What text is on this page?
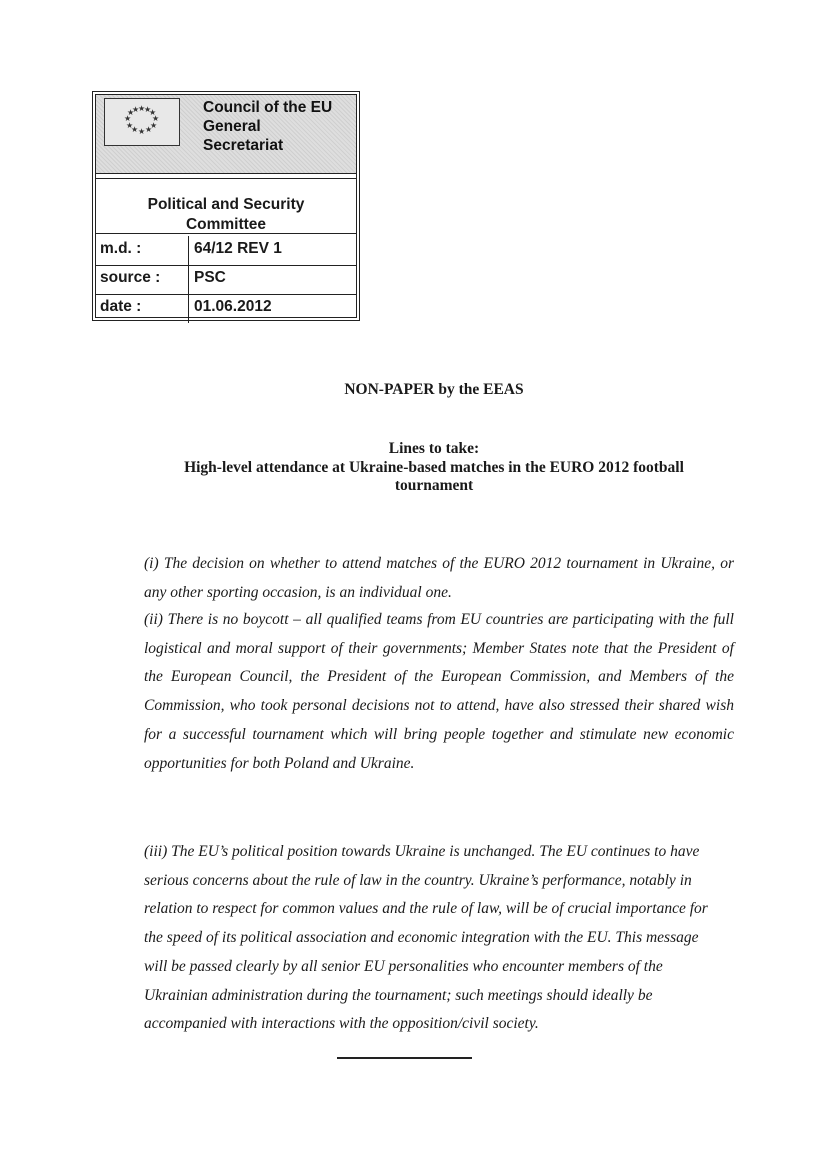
★
★
★
★
★
★
★
★
★
★
★
★	Council of the EU
General
Secretariat
Political and Security
Committee
m.d. :	64/12 REV 1
source : PSC
date :	01.06.2012
NON-PAPER by the EEAS
Lines to take:
High-level attendance at Ukraine-based matches in the EURO 2012 football
tournament
(i) The decision on whether to attend matches of the EURO 2012 tournament in Ukraine, or any other sporting occasion, is an individual one.
(ii) There is no boycott – all qualified teams from EU countries are participating with the full logistical and moral support of their governments; Member States note that the President of the European Council, the President of the European Commission, and Members of the Commission, who took personal decisions not to attend, have also stressed their shared wish for a successful tournament which will bring people together and stimulate new economic opportunities for both Poland and Ukraine.
(iii) The EU’s political position towards Ukraine is unchanged. The EU continues to have serious concerns about the rule of law in the country. Ukraine’s performance, notably in relation to respect for common values and the rule of law, will be of crucial importance for the speed of its political association and economic integration with the EU. This message will be passed clearly by all senior EU personalities who encounter members of the Ukrainian administration during the tournament; such meetings should ideally be accompanied with interactions with the opposition/civil society.
